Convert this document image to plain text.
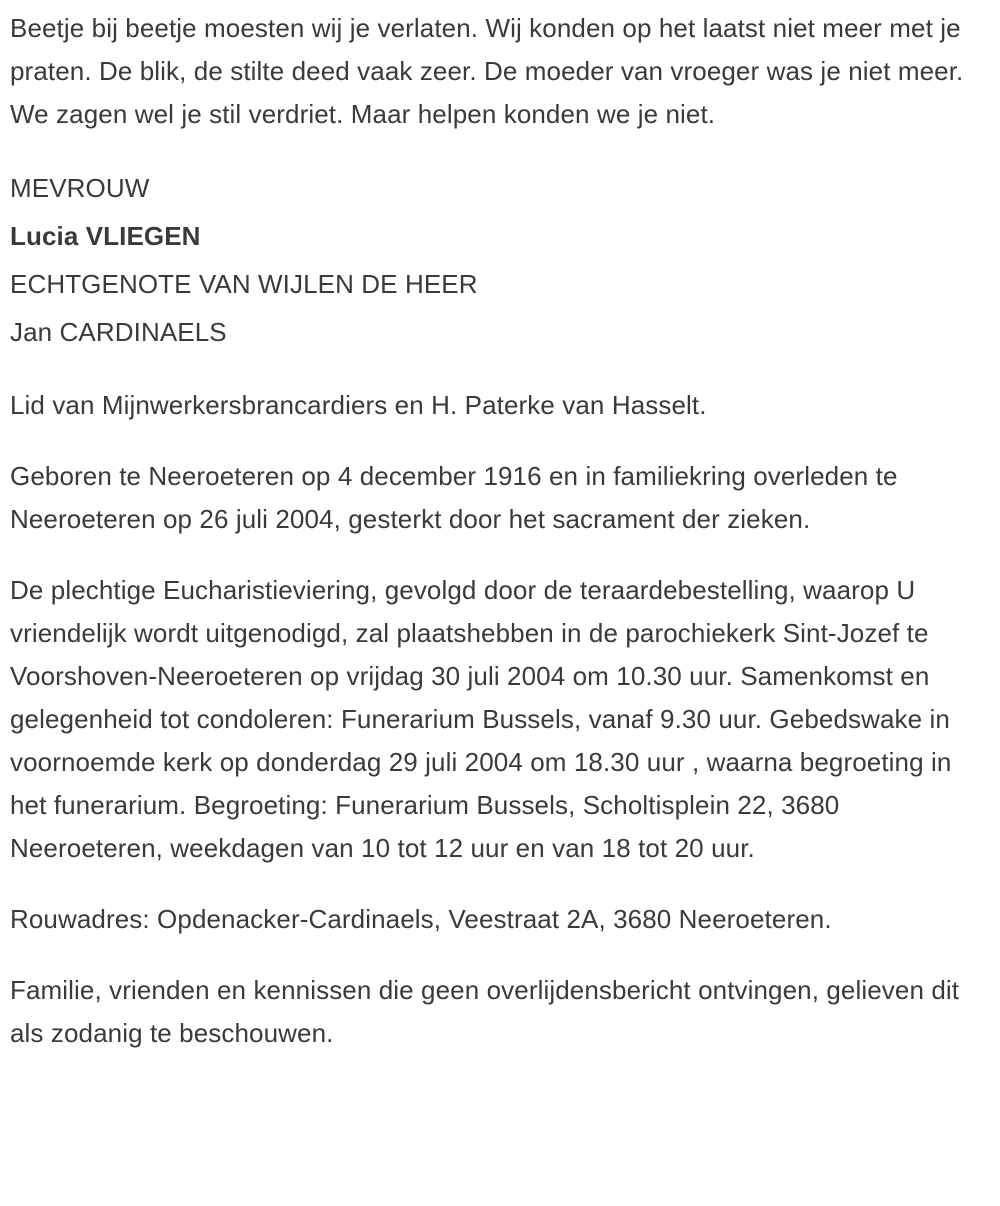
Beetje bij beetje moesten wij je verlaten. Wij konden op het laatst niet meer met je praten. De blik, de stilte deed vaak zeer. De moeder van vroeger was je niet meer. We zagen wel je stil verdriet. Maar helpen konden we je niet.

MEVROUW

Lucia VLIEGEN

ECHTGENOTE VAN WIJLEN DE HEER

Jan CARDINAELS

Lid van Mijnwerkersbrancardiers en H. Paterke van Hasselt.

Geboren te Neeroeteren op 4 december 1916 en in familiekring overleden te Neeroeteren op 26 juli 2004, gesterkt door het sacrament der zieken.

De plechtige Eucharistieviering, gevolgd door de teraardebestelling, waarop U vriendelijk wordt uitgenodigd, zal plaatshebben in de parochiekerk Sint-Jozef te Voorshoven-Neeroeteren op vrijdag 30 juli 2004 om 10.30 uur. Samenkomst en gelegenheid tot condoleren: Funerarium Bussels, vanaf 9.30 uur. Gebedswake in voornoemde kerk op donderdag 29 juli 2004 om 18.30 uur , waarna begroeting in het funerarium. Begroeting: Funerarium Bussels, Scholtisplein 22, 3680 Neeroeteren, weekdagen van 10 tot 12 uur en van 18 tot 20 uur.

Rouwadres: Opdenacker-Cardinaels, Veestraat 2A, 3680 Neeroeteren.

Familie, vrienden en kennissen die geen overlijdensbericht ontvingen, gelieven dit als zodanig te beschouwen.
